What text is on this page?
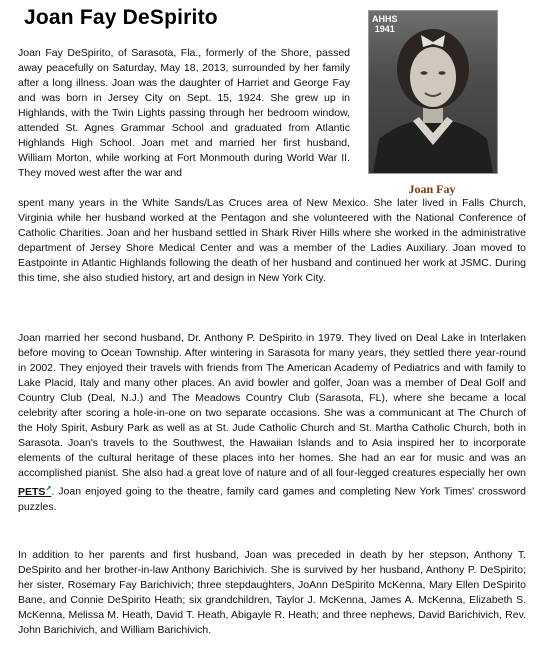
Joan Fay DeSpirito	AHHS
1941
Joan Fay

Joan Fay DeSpirito, of Sarasota, Fla., formerly of the Shore, passed away peacefully on Saturday, May 18, 2013, surrounded by her family after a long illness. Joan was the daughter of Harriet and George Fay and was born in Jersey City on Sept. 15, 1924. She grew up in Highlands, with the Twin Lights passing through her bedroom window, attended St. Agnes Grammar School and graduated from Atlantic Highlands High School. Joan met and married her first husband, William Morton, while working at Fort Monmouth during World War II. They moved west after the war and

spent many years in the White Sands/Las Cruces area of New Mexico. She later lived in Falls Church, Virginia while her husband worked at the Pentagon and she volunteered with the National Conference of Catholic Charities. Joan and her husband settled in Shark River Hills where she worked in the administrative department of Jersey Shore Medical Center and was a member of the Ladies Auxiliary. Joan moved to Eastpointe in Atlantic Highlands following the death of her husband and continued her work at JSMC. During this time, she also studied history, art and design in New York City.

Joan married her second husband, Dr. Anthony P. DeSpirito in 1979. They lived on Deal Lake in Interlaken before moving to Ocean Township. After wintering in Sarasota for many years, they settled there year-round in 2002. They enjoyed their travels with friends from The American Academy of Pediatrics and with family to Lake Placid, Italy and many other places. An avid bowler and golfer, Joan was a member of Deal Golf and Country Club (Deal, N.J.) and The Meadows Country Club (Sarasota, FL), where she became a local celebrity after scoring a hole-in-one on two separate occasions. She was a communicant at The Church of the Holy Spirit, Asbury Park as well as at St. Jude Catholic Church and St. Martha Catholic Church, both in Sarasota. Joan's travels to the Southwest, the Hawaiian Islands and to Asia inspired her to incorporate elements of the cultural heritage of these places into her homes. She had an ear for music and was an accomplished pianist. She also had a great love of nature and of all four-legged creatures especially her own PETS↗. Joan enjoyed going to the theatre, family card games and completing New York Times' crossword puzzles.

In addition to her parents and first husband, Joan was preceded in death by her stepson, Anthony T. DeSpirito and her brother-in-law Anthony Barichivich. She is survived by her husband, Anthony P. DeSpirito; her sister, Rosemary Fay Barichivich; three stepdaughters, JoAnn DeSpirito McKenna, Mary Ellen DeSpirito Bane, and Connie DeSpirito Heath; six grandchildren, Taylor J. McKenna, James A. McKenna, Elizabeth S. McKenna, Melissa M. Heath, David T. Heath, Abigayle R. Heath; and three nephews, David Barichivich, Rev. John Barichivich, and William Barichivich.
